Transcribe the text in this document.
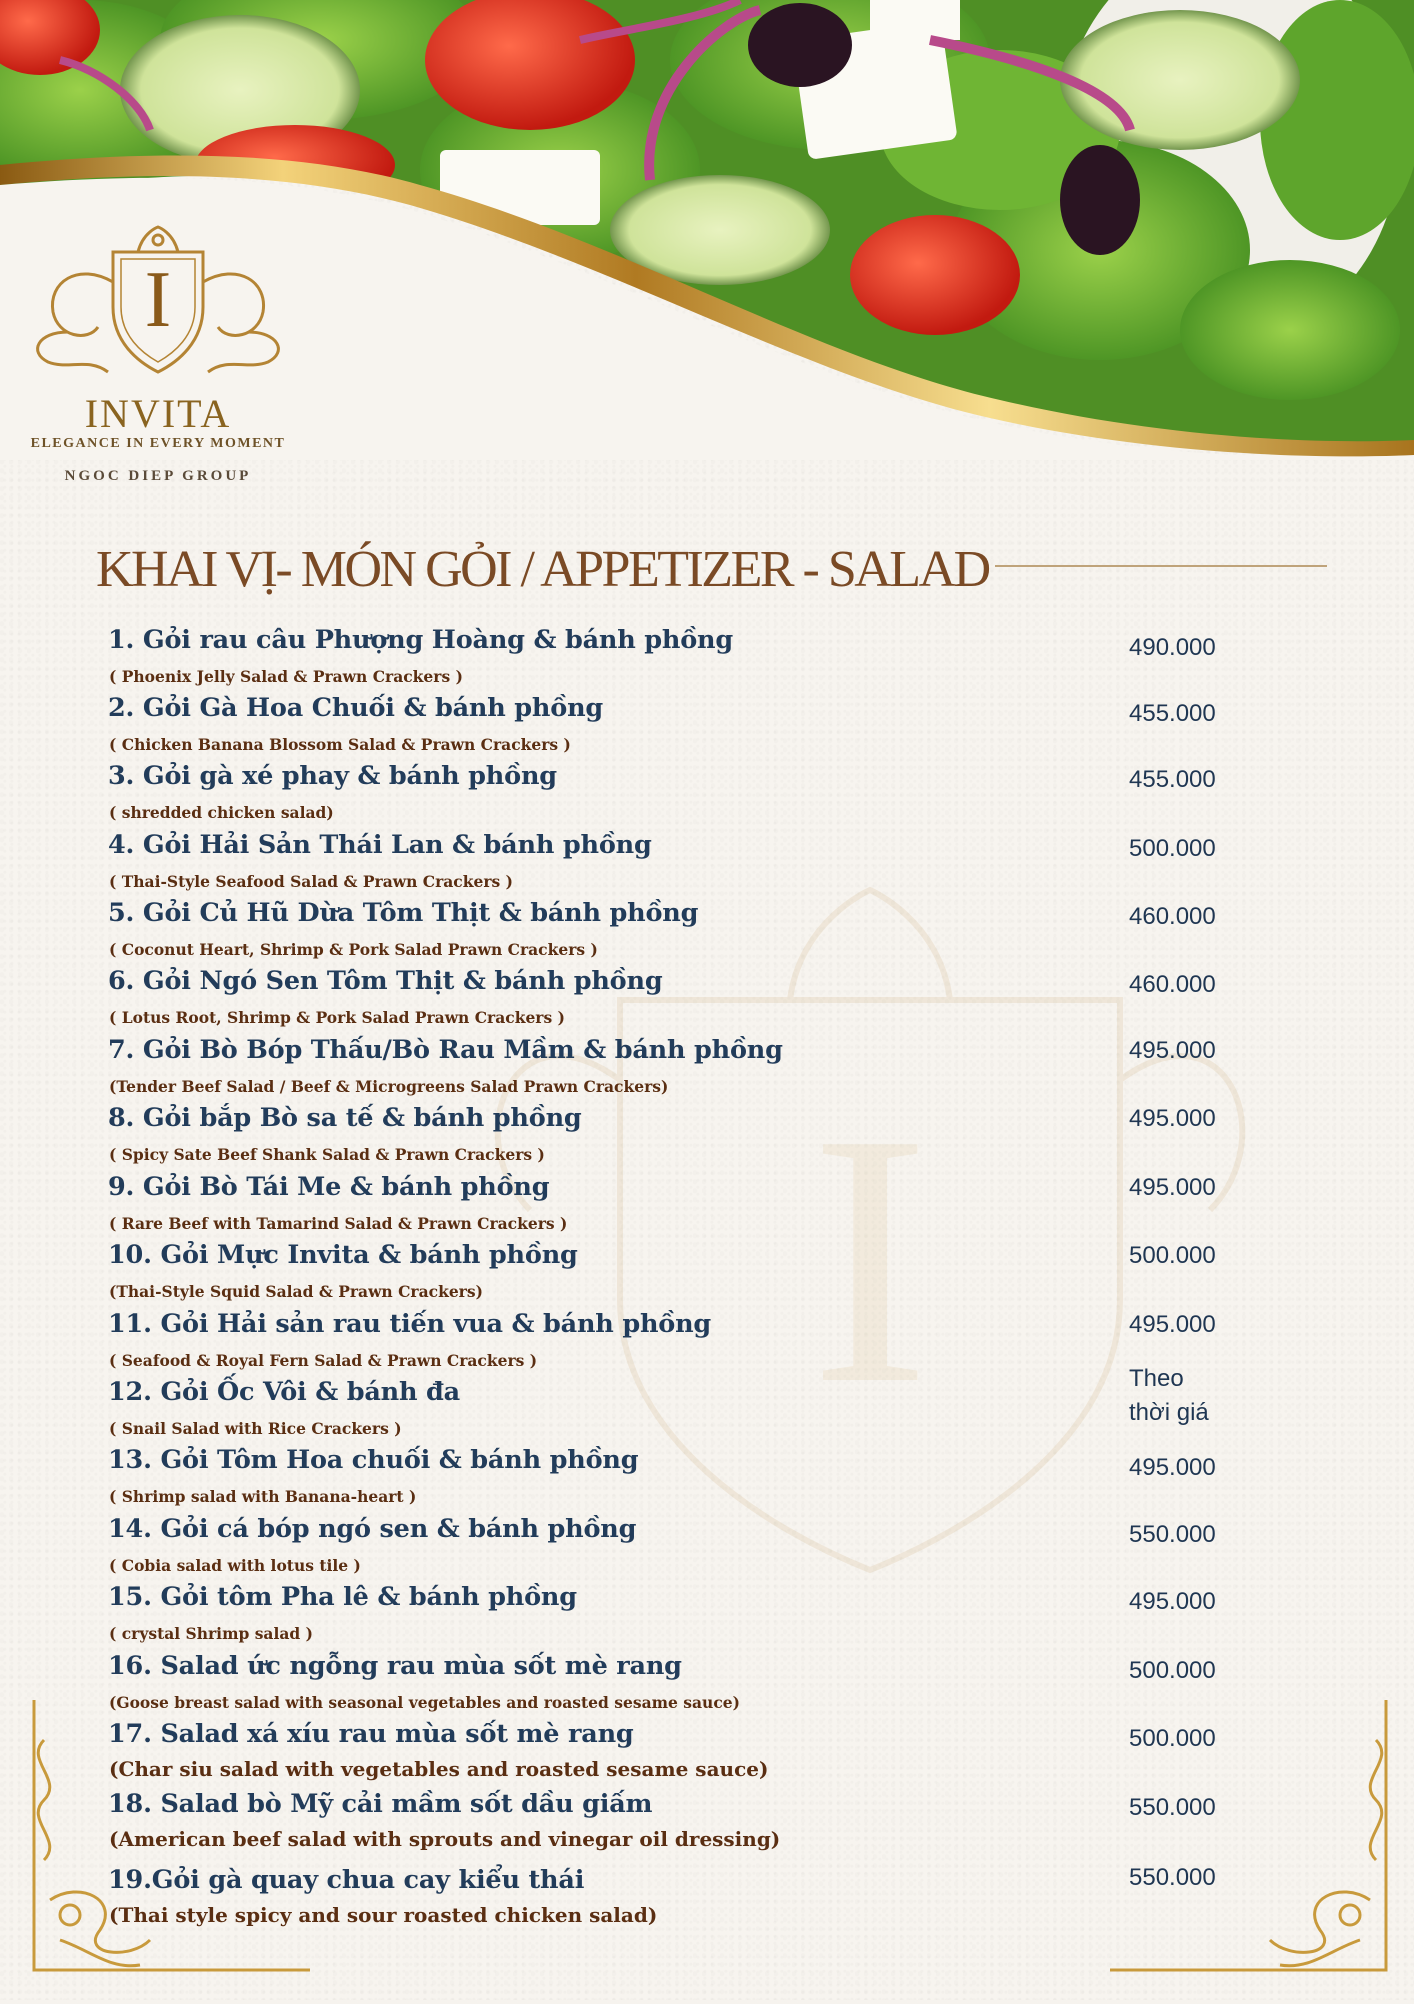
I
INVITA
ELEGANCE IN EVERY MOMENT
NGOC DIEP GROUP
I
KHAI VỊ- MÓN GỎI / APPETIZER - SALAD
1. Gỏi rau câu Phượng Hoàng & bánh phồng
( Phoenix Jelly Salad & Prawn Crackers )
490.000
2. Gỏi Gà Hoa Chuối & bánh phồng
( Chicken Banana Blossom Salad & Prawn Crackers )
455.000
3. Gỏi gà xé phay & bánh phồng
( shredded chicken salad)
455.000
4. Gỏi Hải Sản Thái Lan & bánh phồng
( Thai-Style Seafood Salad & Prawn Crackers )
500.000
5. Gỏi Củ Hũ Dừa Tôm Thịt & bánh phồng
( Coconut Heart, Shrimp & Pork Salad Prawn Crackers )
460.000
6. Gỏi Ngó Sen Tôm Thịt & bánh phồng
( Lotus Root, Shrimp & Pork Salad Prawn Crackers )
460.000
7. Gỏi Bò Bóp Thấu/Bò Rau Mầm & bánh phồng
(Tender Beef Salad / Beef & Microgreens Salad Prawn Crackers)
495.000
8. Gỏi bắp Bò sa tế & bánh phồng
( Spicy Sate Beef Shank Salad & Prawn Crackers )
495.000
9. Gỏi Bò Tái Me & bánh phồng
( Rare Beef with Tamarind Salad & Prawn Crackers )
495.000
10. Gỏi Mực Invita & bánh phồng
(Thai-Style Squid Salad & Prawn Crackers)
500.000
11. Gỏi Hải sản rau tiến vua & bánh phồng
( Seafood & Royal Fern Salad & Prawn Crackers )
495.000
12. Gỏi Ốc Vôi & bánh đa
( Snail Salad with Rice Crackers )
Theo thời giá
13. Gỏi Tôm Hoa chuối & bánh phồng
( Shrimp salad with Banana-heart )
495.000
14. Gỏi cá bóp ngó sen & bánh phồng
( Cobia salad with lotus tile )
550.000
15. Gỏi tôm Pha lê & bánh phồng
( crystal Shrimp salad )
495.000
16. Salad ức ngỗng rau mùa sốt mè rang
(Goose breast salad with seasonal vegetables and roasted sesame sauce)
500.000
17. Salad xá xíu rau mùa sốt mè rang
(Char siu salad with vegetables and roasted sesame sauce)
500.000
18. Salad bò Mỹ cải mầm sốt dầu giấm
(American beef salad with sprouts and vinegar oil dressing)
550.000
19.Gỏi gà quay chua cay kiểu thái
(Thai style spicy and sour roasted chicken salad)
550.000
